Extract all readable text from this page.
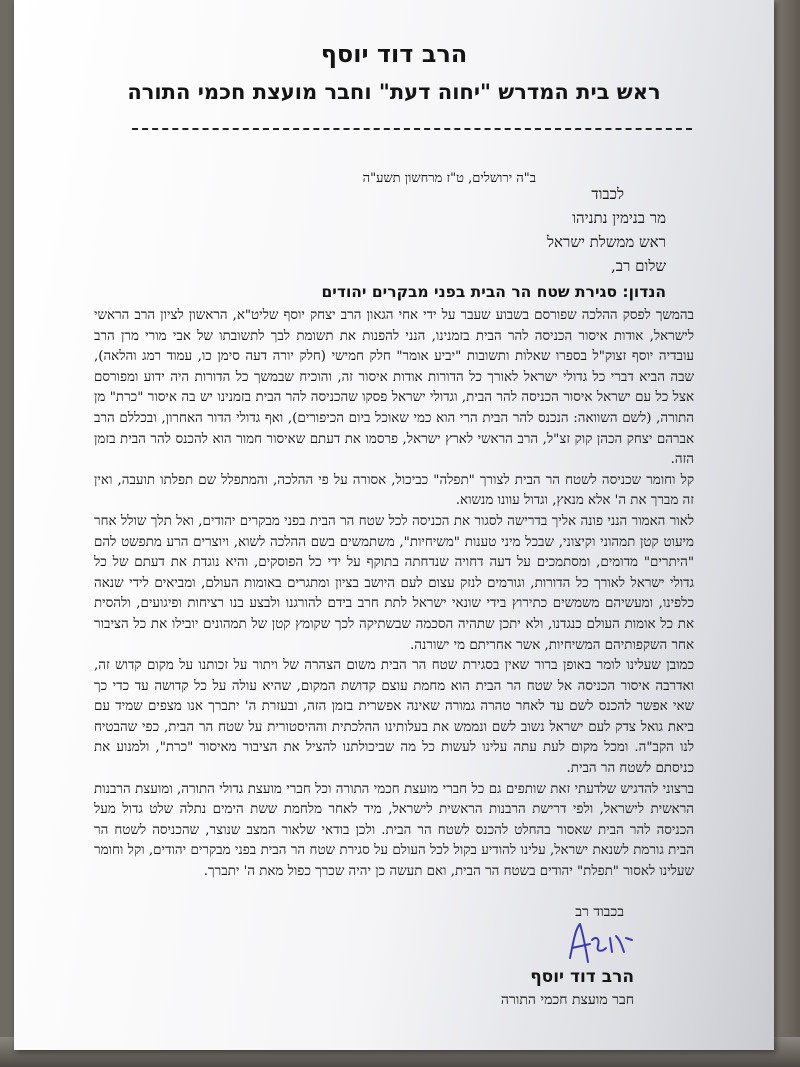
הרב דוד יוסף
ראש בית המדרש "יחוה דעת" וחבר מועצת חכמי התורה
ב"ה ירושלים, ט"ז מרחשון תשע"ה
לכבוד
מר בנימין נתניהו
ראש ממשלת ישראל
שלום רב,
הנדון: סגירת שטח הר הבית בפני מבקרים יהודים

בהמשך לפסק ההלכה שפורסם בשבוע שעבר על ידי אחי הגאון הרב יצחק יוסף שליט"א, הראשון לציון הרב הראשי לישראל, אודות איסור הכניסה להר הבית בזמנינו, הנני להפנות את תשומת לבך לתשובתו של אבי מורי מרן הרב עובדיה יוסף זצוק"ל בספרו שאלות ותשובות "יביע אומר" חלק חמישי (חלק יורה דעה סימן כו, עמוד רמג והלאה), שבה הביא דברי כל גדולי ישראל לאורך כל הדורות אודות איסור זה, והוכיח שבמשך כל הדורות היה ידוע ומפורסם אצל כל עם ישראל איסור הכניסה להר הבית, וגדולי ישראל פסקו שהכניסה להר הבית בזמנינו יש בה איסור "כרת" מן התורה, (לשם השוואה: הנכנס להר הבית הרי הוא כמי שאוכל ביום הכיפורים), ואף גדולי הדור האחרון, ובכללם הרב אברהם יצחק הכהן קוק זצ"ל, הרב הראשי לארץ ישראל, פרסמו את דעתם שאיסור חמור הוא להכנס להר הבית בזמן הזה.

קל וחומר שכניסה לשטח הר הבית לצורך "תפלה" כביכול, אסורה על פי ההלכה, והמתפלל שם תפלתו תועבה, ואין זה מברך את ה' אלא מנאץ, וגדול עוונו מנשוא.

לאור האמור הנני פונה אליך בדרישה לסגור את הכניסה לכל שטח הר הבית בפני מבקרים יהודים, ואל תלך שולל אחר מיעוט קטן תמהוני וקיצוני, שבכל מיני טענות "משיחיות", משתמשים בשם ההלכה לשוא, ויוצרים הרע מתפשט להם "היתרים" מדומים, ומסתמכים על דעה דחויה שנדחתה בתוקף על ידי כל הפוסקים, והיא נוגדת את דעתם של כל גדולי ישראל לאורך כל הדורות, וגורמים לנזק עצום לעם היושב בציון ומתגרים באומות העולם, ומביאים לידי שנאה כלפינו, ומעשיהם משמשים כתירוץ בידי שונאי ישראל לתת חרב בידם להורגנו ולבצע בנו רציחות ופיגועים, ולהסית את כל אומות העולם כנגדנו, ולא יתכן שתהיה הסכמה שבשתיקה לכך שקומץ קטן של תמהונים יובילו את כל הציבור אחר השקפותיהם המשיחיות, אשר אחריתם מי ישורנה.

כמובן שעלינו לומר באופן ברור שאין בסגירת שטח הר הבית משום הצהרה של ויתור על זכותנו על מקום קדוש זה, ואדרבה איסור הכניסה אל שטח הר הבית הוא מחמת עוצם קדושת המקום, שהיא עולה על כל קדושה עד כדי כך שאי אפשר להכנס לשם עד לאחר טהרה גמורה שאינה אפשרית בזמן הזה, ובעזרת ה' יתברך אנו מצפים שמיד עם ביאת גואל צדק לעם ישראל נשוב לשם ונממש את בעלותינו ההלכתית וההיסטורית על שטח הר הבית, כפי שהבטיח לנו הקב"ה. ומכל מקום לעת עתה עלינו לעשות כל מה שביכולתנו להציל את הציבור מאיסור "כרת", ולמנוע את כניסתם לשטח הר הבית.

ברצוני להדגיש שלדעתי זאת שותפים גם כל חברי מועצת חכמי התורה וכל חברי מועצת גדולי התורה, ומועצת הרבנות הראשית לישראל, ולפי דרישת הרבנות הראשית לישראל, מיד לאחר מלחמת ששת הימים נתלה שלט גדול מעל הכניסה להר הבית שאסור בהחלט להכנס לשטח הר הבית. ולכן בודאי שלאור המצב שנוצר, שהכניסה לשטח הר הבית גורמת לשנאת ישראל, עלינו להודיע בקול לכל העולם על סגירת שטח הר הבית בפני מבקרים יהודים, וקל וחומר שעלינו לאסור "תפלת" יהודים בשטח הר הבית, ואם תעשה כן יהיה שכרך כפול מאת ה' יתברך.

בכבוד רב
הרב דוד יוסף
חבר מועצת חכמי התורה
